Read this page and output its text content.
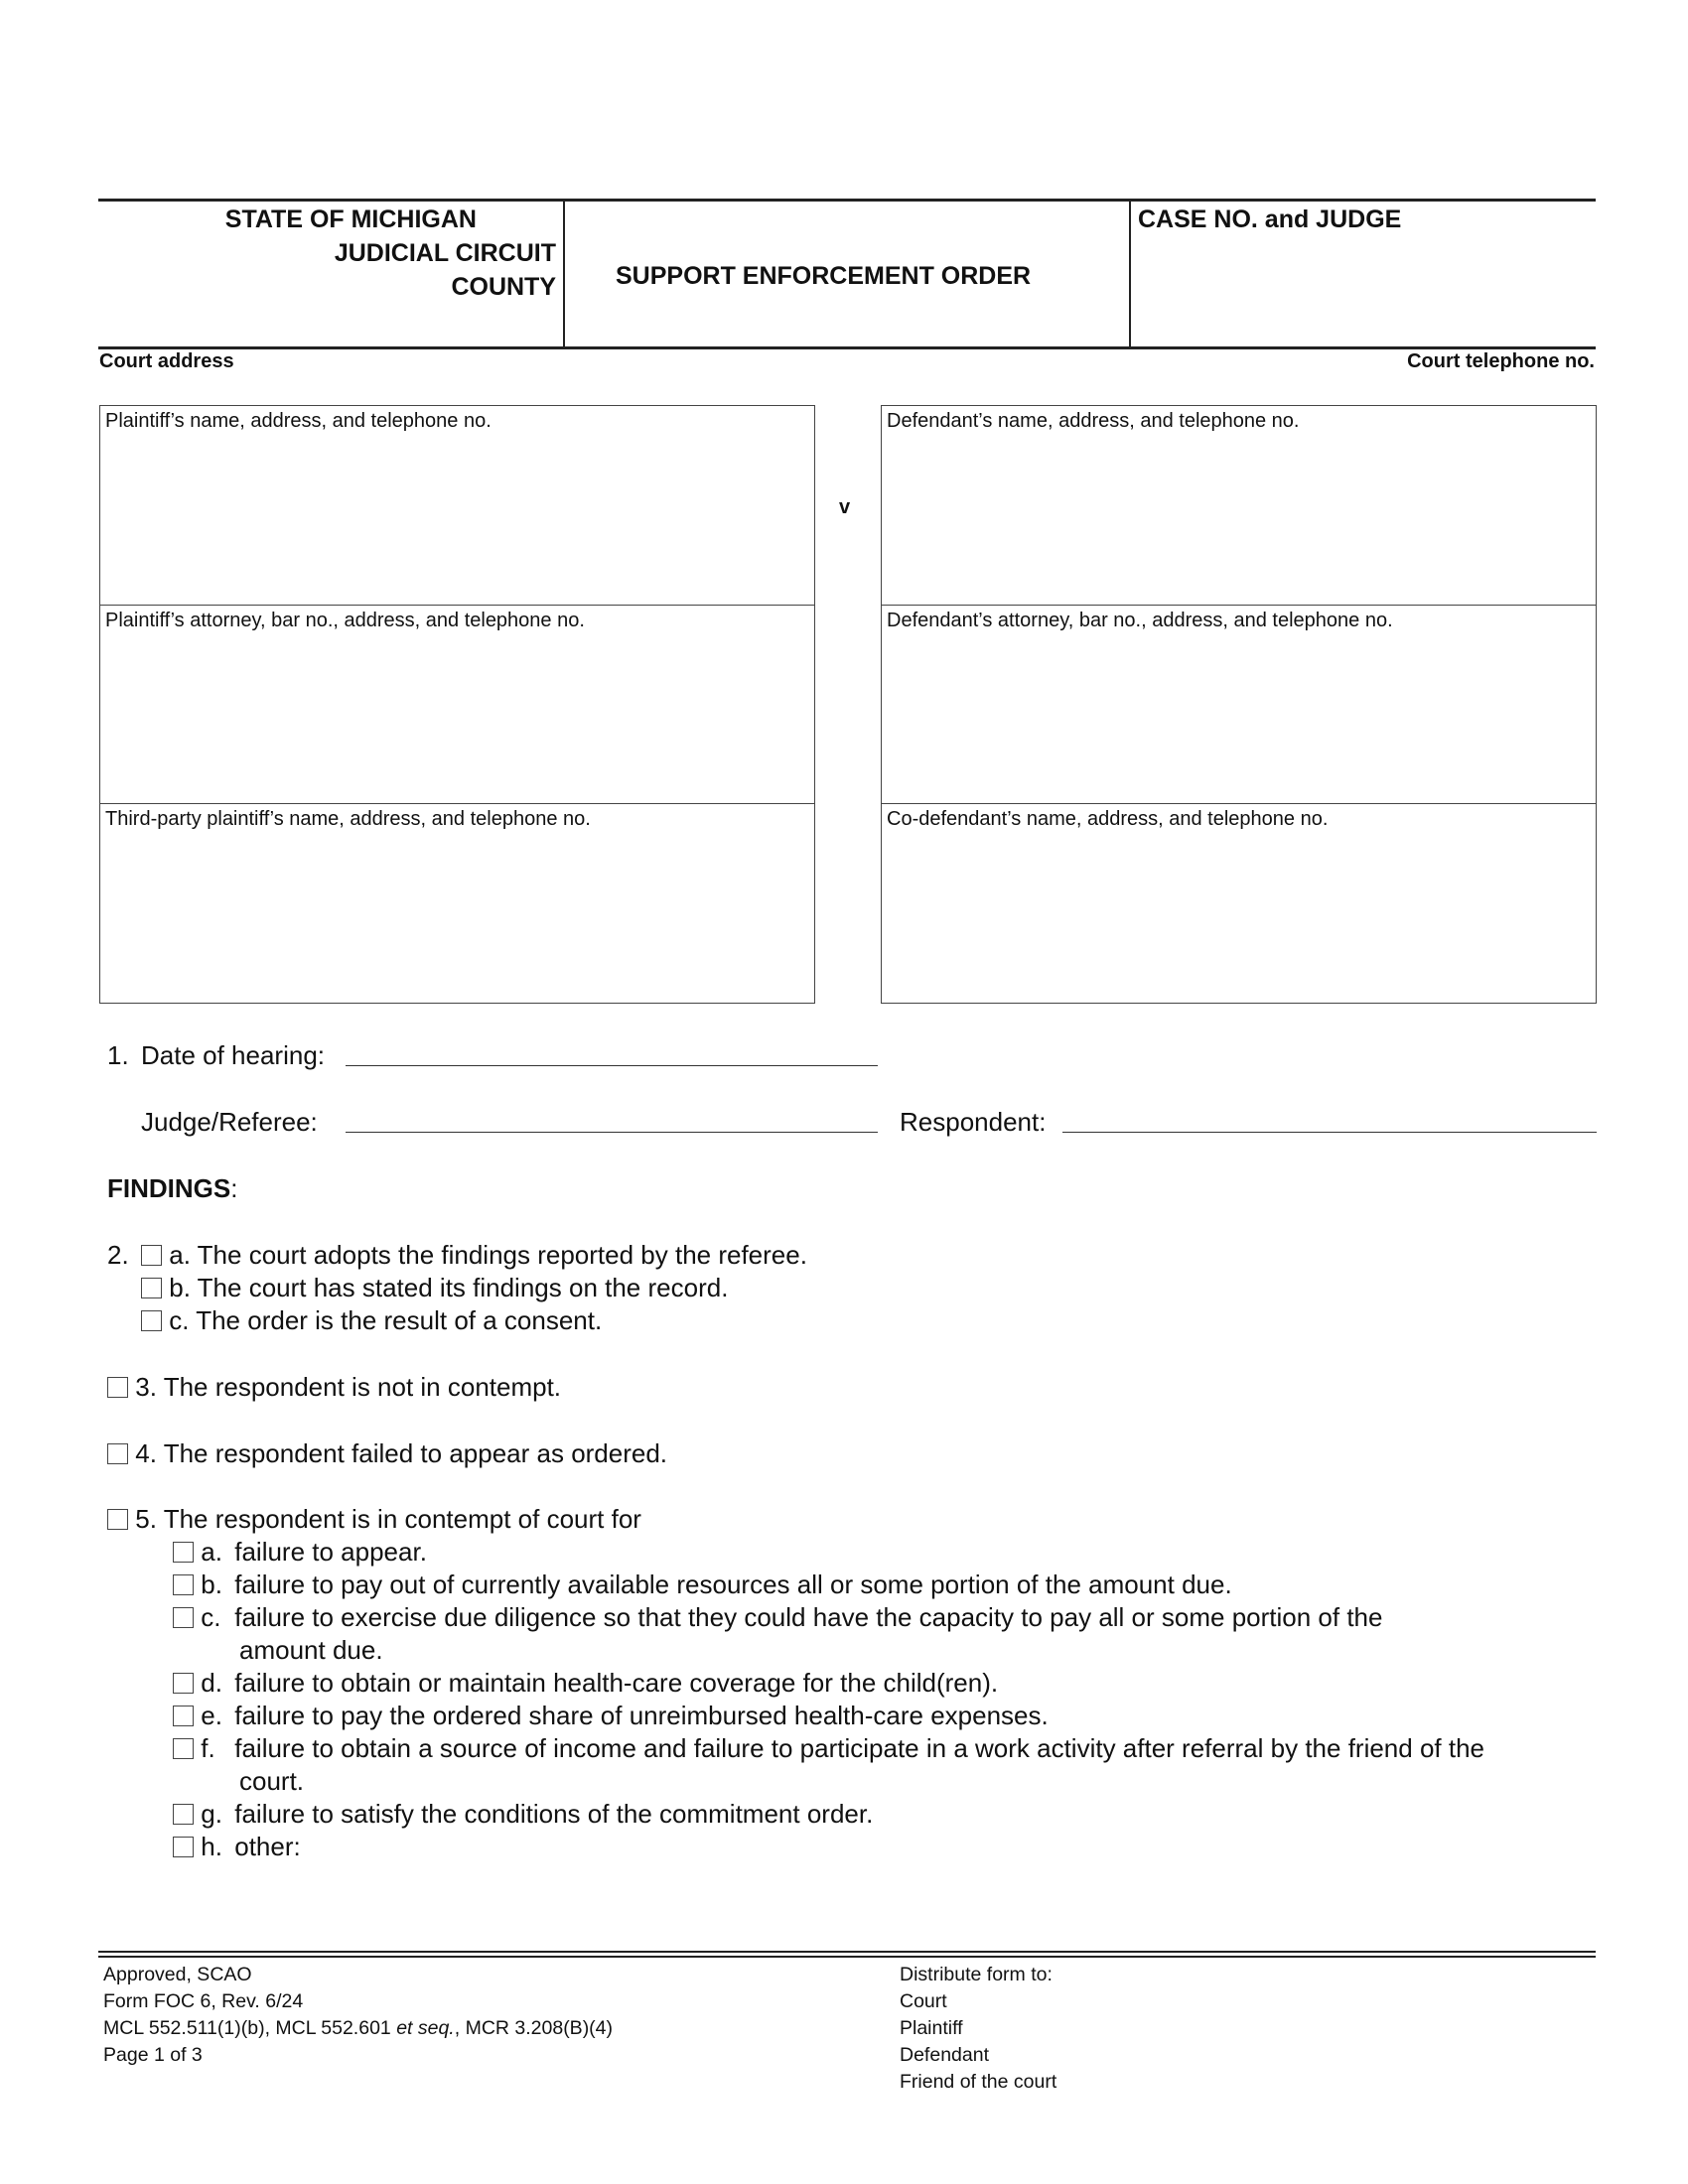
STATE OF MICHIGAN
JUDICIAL CIRCUIT
COUNTY SUPPORT ENFORCEMENT ORDER
CASE NO. and JUDGE
Court address	Court telephone no.
Plaintiff’s name, address, and telephone no.
Plaintiff’s attorney, bar no., address, and telephone no.
Third-party plaintiff’s name, address, and telephone no.
v
Defendant’s name, address, and telephone no.
Defendant’s attorney, bar no., address, and telephone no.
Co-defendant’s name, address, and telephone no.
1. Date of hearing:
Judge/Referee:	Respondent:
FINDINGS:
2.	a. The court adopts the findings reported by the referee.
b. The court has stated its findings on the record.
c. The order is the result of a consent.
3. The respondent is not in contempt.
4. The respondent failed to appear as ordered.
5. The respondent is in contempt of court for
a. failure to appear.
b. failure to pay out of currently available resources all or some portion of the amount due.
c. failure to exercise due diligence so that they could have the capacity to pay all or some portion of the
amount due.
d. failure to obtain or maintain health-care coverage for the child(ren).
e. failure to pay the ordered share of unreimbursed health-care expenses.
f. failure to obtain a source of income and failure to participate in a work activity after referral by the friend of the
court.
g. failure to satisfy the conditions of the commitment order.
h. other:
Approved, SCAO
Form FOC 6, Rev. 6/24
MCL 552.511(1)(b), MCL 552.601 et seq., MCR 3.208(B)(4)
Page 1 of 3
Distribute form to:
Court
Plaintiff
Defendant
Friend of the court
